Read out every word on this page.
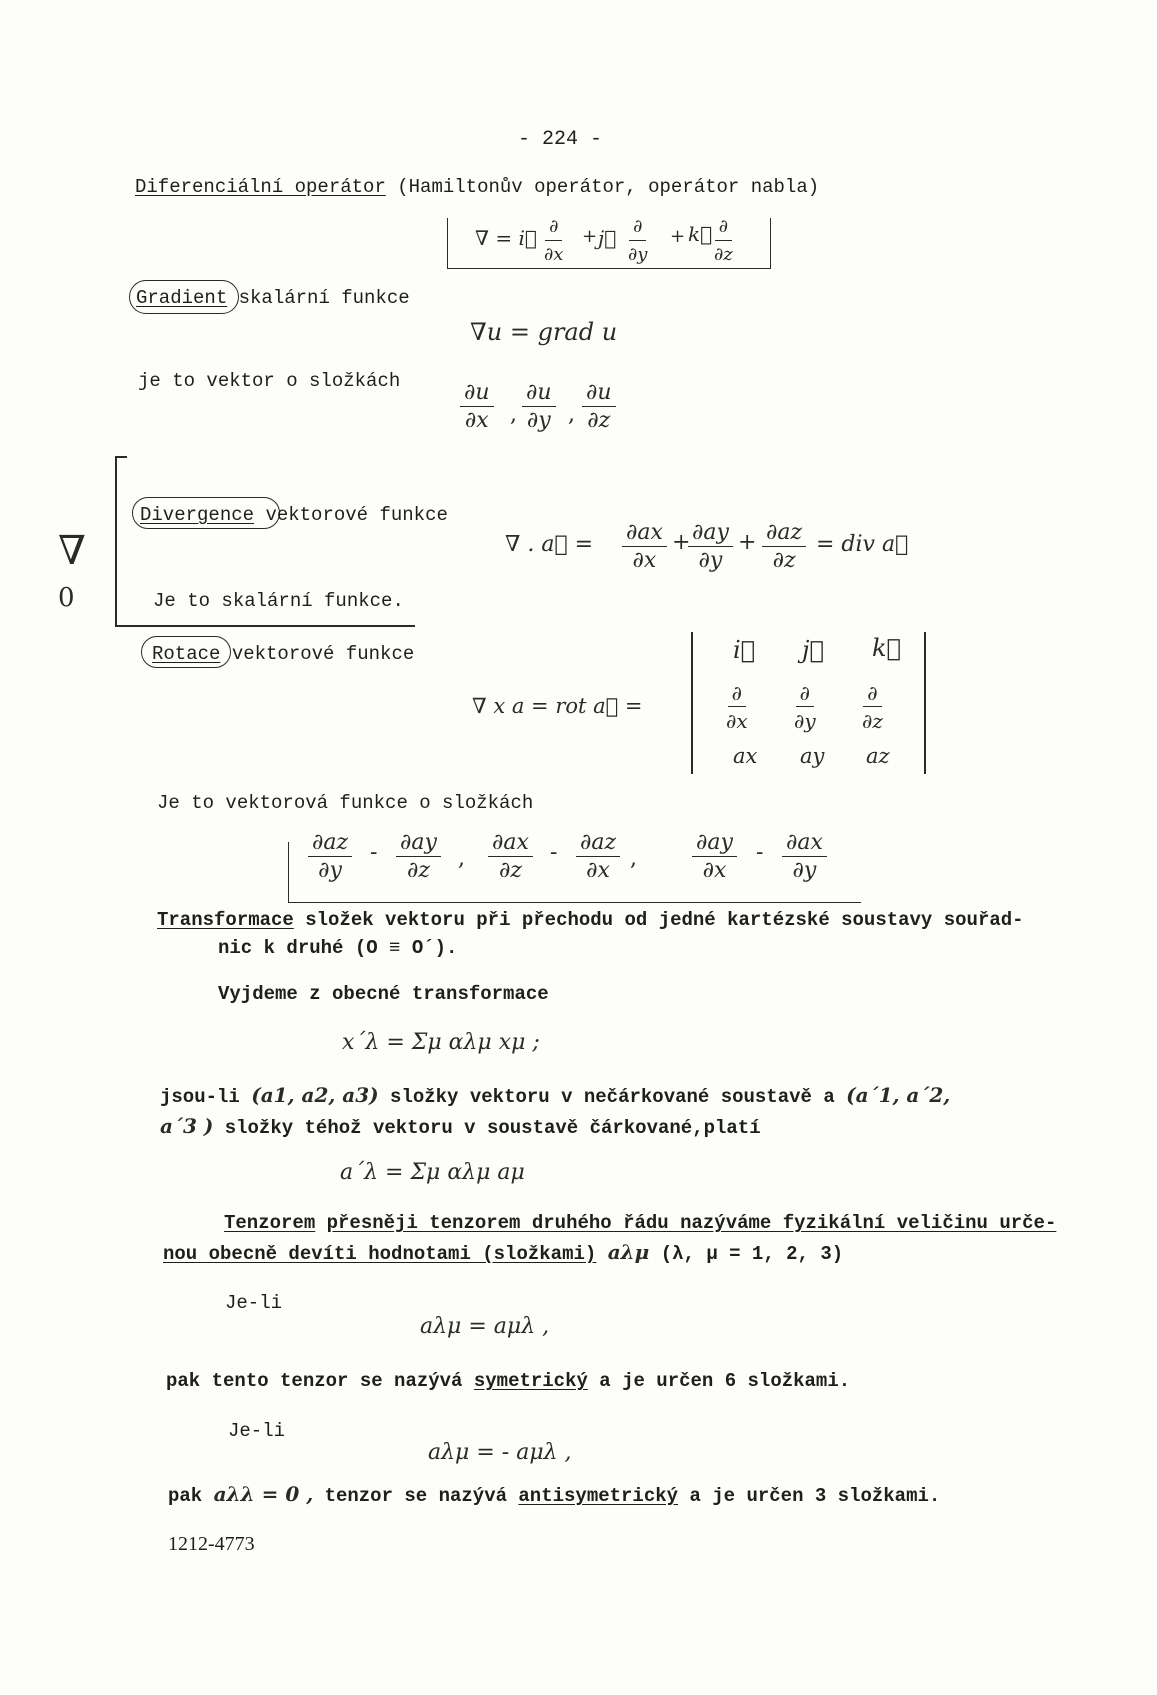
- 224 -
Diferenciální operátor (Hamiltonův operátor, operátor nabla)
∇ = i⃗ ∂
∂x
+ j⃗ ∂
∂y
+ k⃗ ∂
∂z
Gradient skalární funkce
∇u = grad u
je to vektor o složkách	$\frac{\partial u}{\partial x}$ , $\frac{\partial u}{\partial y}$ , $\frac{\partial u}{\partial z}$
Divergence vektorové funkce
∇
0
∇ . a⃗ = $\frac{\partial ax}{\partial x}$ +
$\frac{\partial ay}{\partial y} + \frac{\partial az}{\partial z}$ = div a⃗
Je to skalární funkce.
Rotace vektorové funkce
∇ x a = rot a⃗ =
i⃗ j⃗ k⃗
∂
∂x
∂
∂y
∂
∂z
ax ay az
Je to vektorová funkce o složkách
$\frac{\partial az}{\partial y} - \frac{\partial ay}{\partial z}$ , $\frac{\partial ax}{\partial z} - \frac{\partial az}{\partial x}$ ,	$\frac{\partial ay}{\partial x} - \frac{\partial ax}{\partial y}$
Transformace složek vektoru při přechodu od jedné kartézské soustavy souřad-
nic k druhé (O ≡ O´).
Vyjdeme z obecné transformace
x´λ = Σμ αλμ xμ ;
jsou-li (a1, a2, a3) složky vektoru v nečárkované soustavě a (a´1, a´2,
a´3 ) složky téhož vektoru v soustavě čárkované,platí
a´λ = Σμ αλμ aμ
Tenzorem přesněji tenzorem druhého řádu nazýváme fyzikální veličinu urče-
nou obecně devíti hodnotami (složkami) aλμ (λ, μ = 1, 2, 3)
Je-li
aλμ = aμλ ,
pak tento tenzor se nazývá symetrický a je určen 6 složkami.
Je-li
aλμ = - aμλ ,
pak aλλ = 0 , tenzor se nazývá antisymetrický a je určen 3 složkami.
1212-4773
